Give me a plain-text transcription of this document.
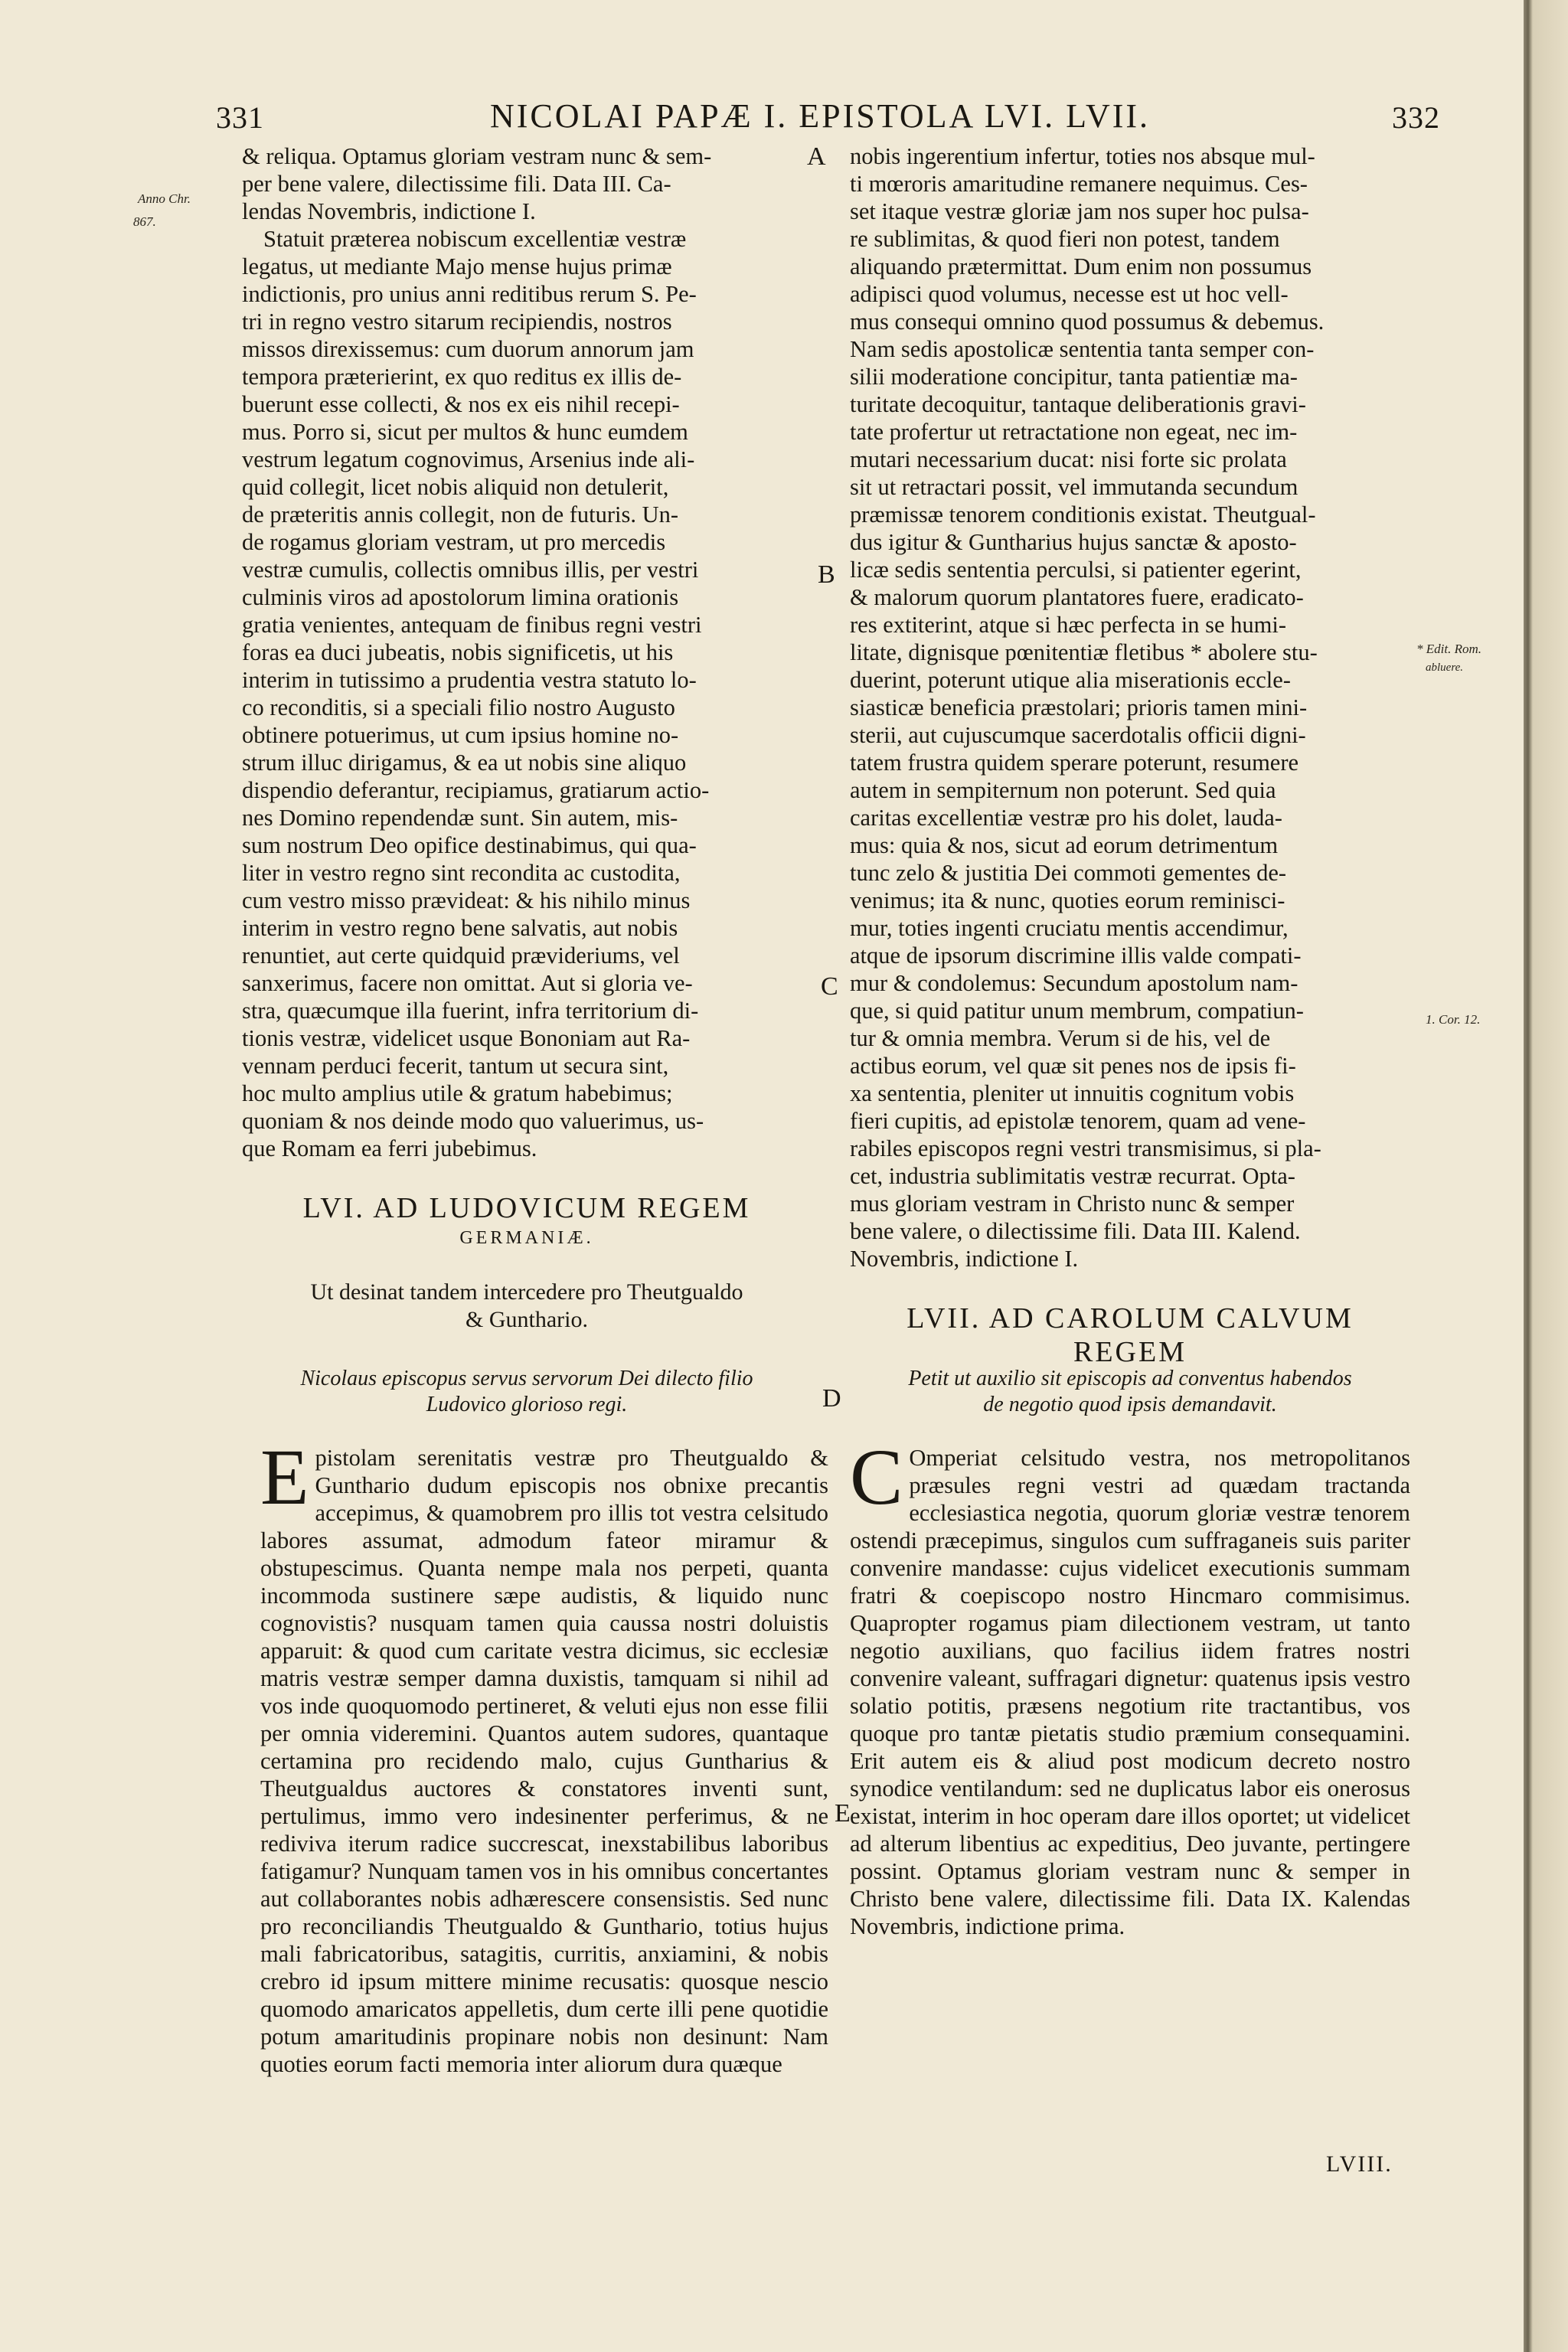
331	NICOLAI PAPÆ I. EPISTOLA LVI. LVII.	332
Anno Chr.
867.
* Edit. Rom.
abluere.
1. Cor. 12.
A
B
C
D
E
& reliqua. Optamus gloriam vestram nunc & sem-
per bene valere, dilectissime fili. Data III. Ca-
lendas Novembris, indictione I.
Statuit præterea nobiscum excellentiæ vestræ
legatus, ut mediante Majo mense hujus primæ
indictionis, pro unius anni reditibus rerum S. Pe-
tri in regno vestro sitarum recipiendis, nostros
missos direxissemus: cum duorum annorum jam
tempora præterierint, ex quo reditus ex illis de-
buerunt esse collecti, & nos ex eis nihil recepi-
mus. Porro si, sicut per multos & hunc eumdem
vestrum legatum cognovimus, Arsenius inde ali-
quid collegit, licet nobis aliquid non detulerit,
de præteritis annis collegit, non de futuris. Un-
de rogamus gloriam vestram, ut pro mercedis
vestræ cumulis, collectis omnibus illis, per vestri
culminis viros ad apostolorum limina orationis
gratia venientes, antequam de finibus regni vestri
foras ea duci jubeatis, nobis significetis, ut his
interim in tutissimo a prudentia vestra statuto lo-
co reconditis, si a speciali filio nostro Augusto
obtinere potuerimus, ut cum ipsius homine no-
strum illuc dirigamus, & ea ut nobis sine aliquo
dispendio deferantur, recipiamus, gratiarum actio-
nes Domino rependendæ sunt. Sin autem, mis-
sum nostrum Deo opifice destinabimus, qui qua-
liter in vestro regno sint recondita ac custodita,
cum vestro misso prævideat: & his nihilo minus
interim in vestro regno bene salvatis, aut nobis
renuntiet, aut certe quidquid prævideriums, vel
sanxerimus, facere non omittat. Aut si gloria ve-
stra, quæcumque illa fuerint, infra territorium di-
tionis vestræ, videlicet usque Bononiam aut Ra-
vennam perduci fecerit, tantum ut secura sint,
hoc multo amplius utile & gratum habebimus;
quoniam & nos deinde modo quo valuerimus, us-
que Romam ea ferri jubebimus.
nobis ingerentium infertur, toties nos absque mul-
ti mœroris amaritudine remanere nequimus. Ces-
set itaque vestræ gloriæ jam nos super hoc pulsa-
re sublimitas, & quod fieri non potest, tandem
aliquando prætermittat. Dum enim non possumus
adipisci quod volumus, necesse est ut hoc vell-
mus consequi omnino quod possumus & debemus.
Nam sedis apostolicæ sententia tanta semper con-
silii moderatione concipitur, tanta patientiæ ma-
turitate decoquitur, tantaque deliberationis gravi-
tate profertur ut retractatione non egeat, nec im-
mutari necessarium ducat: nisi forte sic prolata
sit ut retractari possit, vel immutanda secundum
præmissæ tenorem conditionis existat. Theutgual-
dus igitur & Guntharius hujus sanctæ & aposto-
licæ sedis sententia perculsi, si patienter egerint,
& malorum quorum plantatores fuere, eradicato-
res extiterint, atque si hæc perfecta in se humi-
litate, dignisque pœnitentiæ fletibus * abolere stu-
duerint, poterunt utique alia miserationis eccle-
siasticæ beneficia præstolari; prioris tamen mini-
sterii, aut cujuscumque sacerdotalis officii digni-
tatem frustra quidem sperare poterunt, resumere
autem in sempiternum non poterunt. Sed quia
caritas excellentiæ vestræ pro his dolet, lauda-
mus: quia & nos, sicut ad eorum detrimentum
tunc zelo & justitia Dei commoti gementes de-
venimus; ita & nunc, quoties eorum reminisci-
mur, toties ingenti cruciatu mentis accendimur,
atque de ipsorum discrimine illis valde compati-
mur & condolemus: Secundum apostolum nam-
que, si quid patitur unum membrum, compatiun-
tur & omnia membra. Verum si de his, vel de
actibus eorum, vel quæ sit penes nos de ipsis fi-
xa sententia, pleniter ut innuitis cognitum vobis
fieri cupitis, ad epistolæ tenorem, quam ad vene-
rabiles episcopos regni vestri transmisimus, si pla-
cet, industria sublimitatis vestræ recurrat. Opta-
mus gloriam vestram in Christo nunc & semper
bene valere, o dilectissime fili. Data III. Kalend.
Novembris, indictione I.
LVI. AD LUDOVICUM REGEM
GERMANIÆ.
Ut desinat tandem intercedere pro Theutgualdo
& Gunthario.
Nicolaus episcopus servus servorum Dei dilecto filio
Ludovico glorioso regi.

E pistolam serenitatis vestræ pro Theutgualdo & Gunthario dudum episcopis nos obnixe precantis accepimus, & quamobrem pro illis tot vestra celsitudo labores assumat, admodum fateor miramur & obstupescimus. Quanta nempe mala nos perpeti, quanta incommoda sustinere sæpe audistis, & liquido nunc cognovistis? nusquam tamen quia caussa nostri doluistis apparuit: & quod cum caritate vestra dicimus, sic ecclesiæ matris vestræ semper damna duxistis, tamquam si nihil ad vos inde quoquomodo pertineret, & veluti ejus non esse filii per omnia videremini. Quantos autem sudores, quantaque certamina pro recidendo malo, cujus Guntharius & Theutgualdus auctores & constatores inventi sunt, pertulimus, immo vero indesinenter perferimus, & ne rediviva iterum radice succrescat, inexstabilibus laboribus fatigamur? Nunquam tamen vos in his omnibus concertantes aut collaborantes nobis adhærescere consensistis. Sed nunc pro reconciliandis Theutgualdo & Gunthario, totius hujus mali fabricatoribus, satagitis, curritis, anxiamini, & nobis crebro id ipsum mittere minime recusatis: quosque nescio quomodo amaricatos appelletis, dum certe illi pene quotidie potum amaritudinis propinare nobis non desinunt: Nam quoties eorum facti memoria inter aliorum dura quæque

LVII. AD CAROLUM CALVUM REGEM
Petit ut auxilio sit episcopis ad conventus habendos
de negotio quod ipsis demandavit.

C Omperiat celsitudo vestra, nos metropolitanos præsules regni vestri ad quædam tractanda ecclesiastica negotia, quorum gloriæ vestræ tenorem ostendi præcepimus, singulos cum suffraganeis suis pariter convenire mandasse: cujus videlicet executionis summam fratri & coepiscopo nostro Hincmaro commisimus. Quapropter rogamus piam dilectionem vestram, ut tanto negotio auxilians, quo facilius iidem fratres nostri convenire valeant, suffragari dignetur: quatenus ipsis vestro solatio potitis, præsens negotium rite tractantibus, vos quoque pro tantæ pietatis studio præmium consequamini. Erit autem eis & aliud post modicum decreto nostro synodice ventilandum: sed ne duplicatus labor eis onerosus existat, interim in hoc operam dare illos oportet; ut videlicet ad alterum libentius ac expeditius, Deo juvante, pertingere possint. Optamus gloriam vestram nunc & semper in Christo bene valere, dilectissime fili. Data IX. Kalendas Novembris, indictione prima.

LVIII.
